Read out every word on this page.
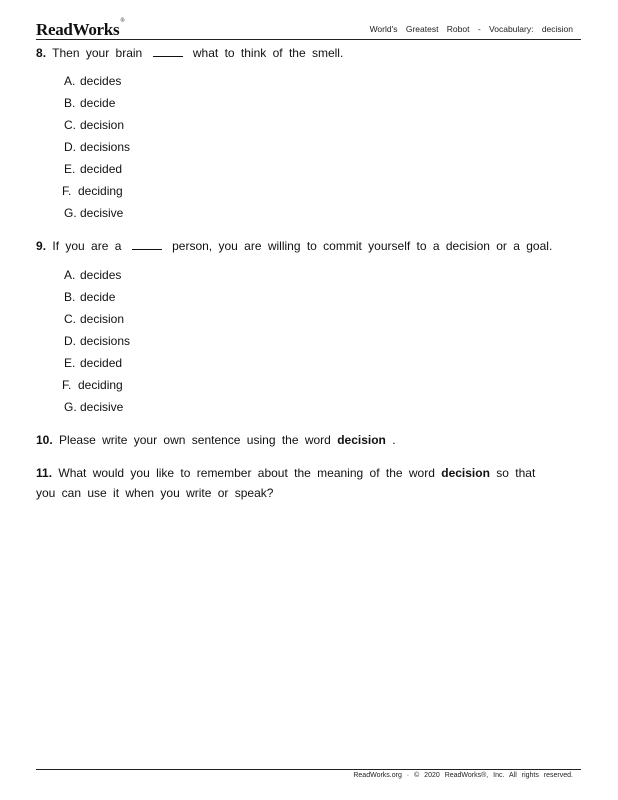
ReadWorks®
World's Greatest Robot - Vocabulary: decision
8. Then your brain	what to think of the smell.
A. decides
B. decide
C. decision
D. decisions
E. decided
F. deciding
G. decisive
9. If you are a	person, you are willing to commit yourself to a decision or a goal.
A. decides
B. decide
C. decision
D. decisions
E. decided
F. deciding
G. decisive
10. Please write your own sentence using the word decision .
11. What would you like to remember about the meaning of the word decision so that
you can use it when you write or speak?
ReadWorks.org · © 2020 ReadWorks®, Inc. All rights reserved.
